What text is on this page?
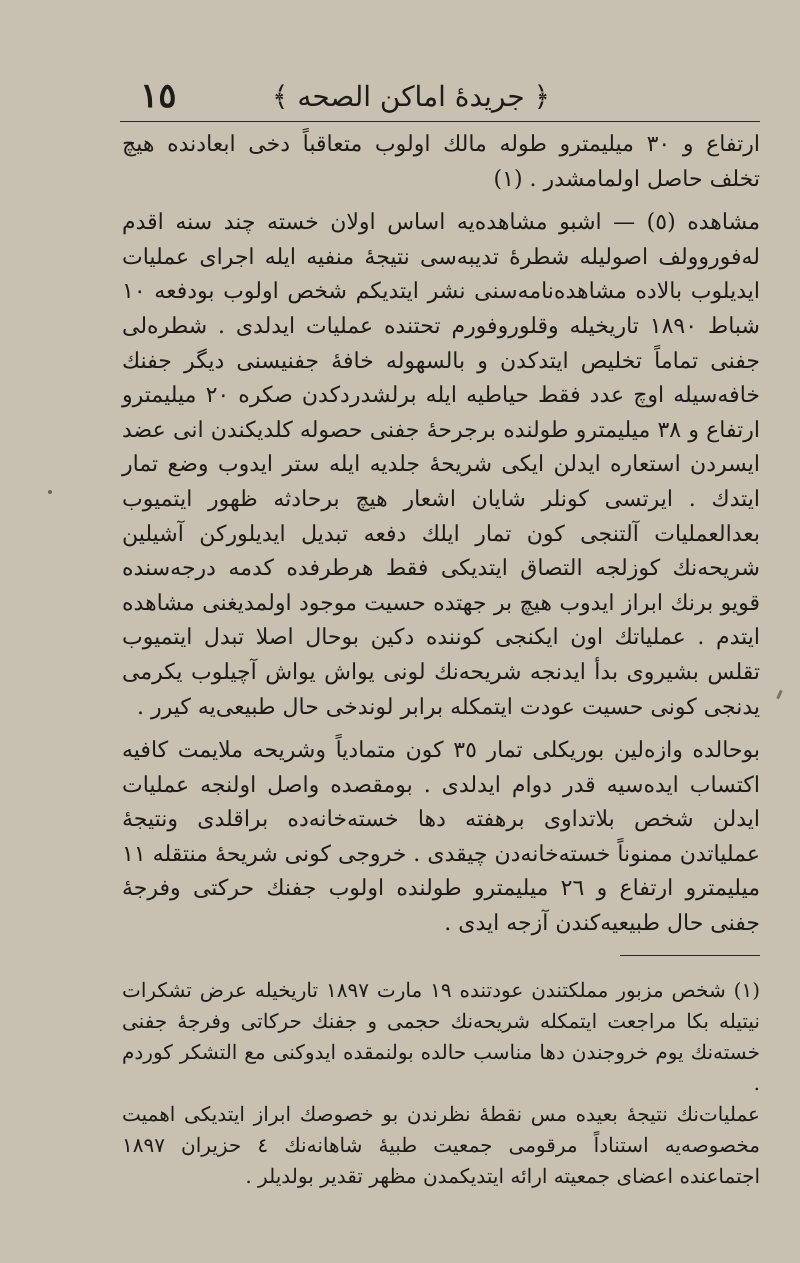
﴿ جريدۀ اماكن الصحه ﴾
١٥

ارتفاع و ٣٠ ميليمترو طوله مالك اولوب متعاقباً دخی ابعادنده هيچ تخلف حاصل اولمامشدر . (١)

مشاهده (٥) — اشبو مشاهده‌يه اساس اولان خسته چند سنه اقدم له‌فوروولف اصوليله شطرۀ تديبه‌سی نتيجۀ منفيه ايله اجرای عمليات ايديلوب بالاده مشاهده‌نامه‌سنی نشر ايتديكم شخص اولوب بودفعه ١٠ شباط ١٨٩٠ تاريخيله وقلوروفورم تحتنده عمليات ايدلدی . شطره‌لی جفنی تماماً تخليص ايتدكدن و بالسهوله خافۀ جفنيسنی ديگر جفنك خافه‌سيله اوچ عدد فقط حياطيه ايله برلشدردكدن صكره ٢٠ ميليمترو ارتفاع و ٣٨ ميليمترو طولنده برجرحۀ جفنی حصوله كلديكندن انی عضد ايسردن استعاره ايدلن ايكی شريحۀ جلديه ايله ستر ايدوب وضع تمار ايتدك . ايرتسی كونلر شايان اشعار هيچ برحادثه ظهور ايتميوب بعدالعمليات آلتنجی كون تمار ايلك دفعه تبديل ايديلوركن آشيلين شريحه‌نك كوزلجه التصاق ايتديكی فقط هرطرفده كدمه درجه‌سنده قويو برنك ابراز ايدوب هيچ بر جهتده حسيت موجود اولمديغنی مشاهده ايتدم . عملياتك اون ايكنجی كوننده دكين بوحال اصلا تبدل ايتميوب تقلس بشيروی بدأ ايدنجه شريحه‌نك لونی يواش يواش آچيلوب يكرمی يدنجی كونی حسيت عودت ايتمكله برابر لوندخی حال طبيعی‌يه كيرر .

بوحالده وازه‌لين بوريكلی تمار ٣٥ كون متمادياً وشريحه ملايمت كافيه اكتساب ايده‌سيه قدر دوام ايدلدی . بومقصده واصل اولنجه عمليات ايدلن شخص بلاتداوی برهفته دها خسته‌خانه‌ده براقلدی ونتيجۀ عملياتدن ممنوناً خسته‌خانه‌دن چيقدی . خروجی كونی شريحۀ منتقله ١١ ميليمترو ارتفاع و ٢٦ ميليمترو طولنده اولوب جفنك حركتی وفرجۀ جفنی حال طبيعيه‌كندن آزجه ايدی .

(١) شخص مزبور مملكتندن عودتنده ١٩ مارت ١٨٩٧ تاريخيله عرض تشكرات نيتيله بكا مراجعت ايتمكله شريحه‌نك حجمی و جفنك حركاتی وفرجۀ جفنی خسته‌نك يوم خروجندن دها مناسب حالده بولنمقده ايدوكنی مع التشكر كوردم .

عمليات‌نك نتيجۀ بعيده مس نقطۀ نظرندن بو خصوصك ابراز ايتديكی اهميت مخصوصه‌يه استناداً مرقومی جمعيت طبيۀ شاهانه‌نك ٤ حزيران ١٨٩٧ اجتماعنده اعضای جمعيته ارائه ايتديكمدن مظهر تقدير بولديلر .
